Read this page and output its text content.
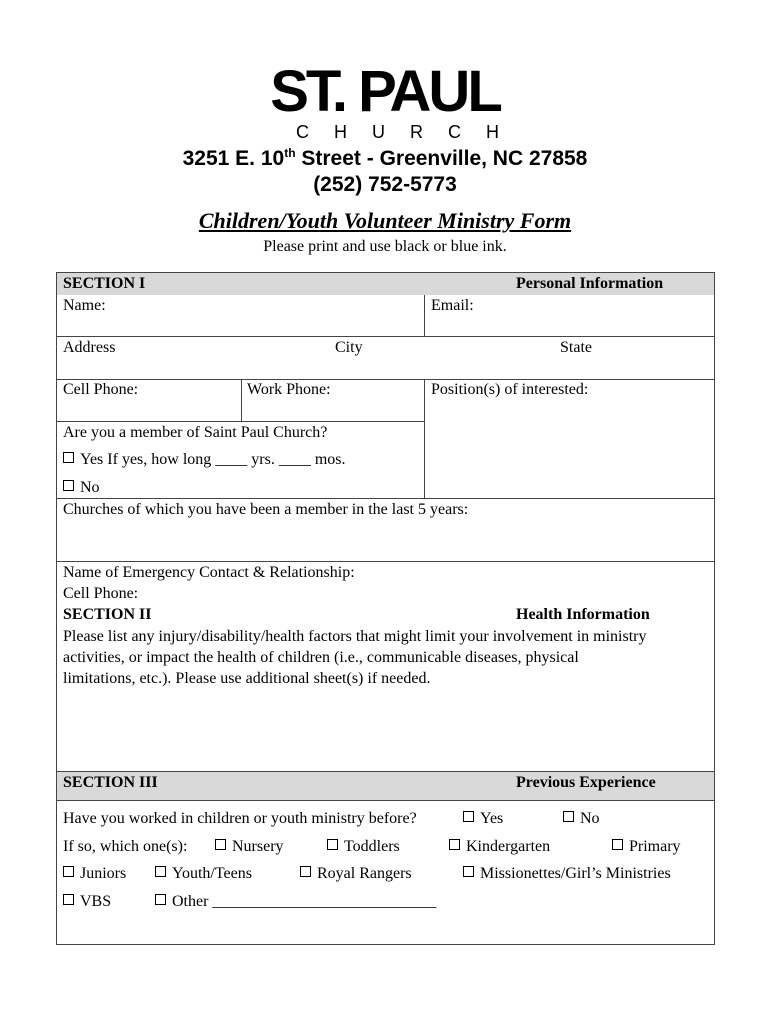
ST. PAUL
CHURCH
3251 E. 10th Street - Greenville, NC 27858
(252) 752-5773
Children/Youth Volunteer Ministry Form
Please print and use black or blue ink.
SECTION I	Personal Information
Name:	Email:
Address	City	State
Cell Phone:	Work Phone:	Position(s) of interested:
Are you a member of Saint Paul Church?
Yes If yes, how long ____ yrs. ____ mos.
No
Churches of which you have been a member in the last 5 years:
Name of Emergency Contact & Relationship:
Cell Phone:
SECTION II	Health Information
Please list any injury/disability/health factors that might limit your involvement in ministry
activities, or impact the health of children (i.e., communicable diseases, physical
limitations, etc.). Please use additional sheet(s) if needed.
SECTION III	Previous Experience
Have you worked in children or youth ministry before?	Yes	No
If so, which one(s):	Nursery	Toddlers	Kindergarten	Primary
Juniors	Youth/Teens	Royal Rangers	Missionettes/Girl’s Ministries
VBS	Other ____________________________
